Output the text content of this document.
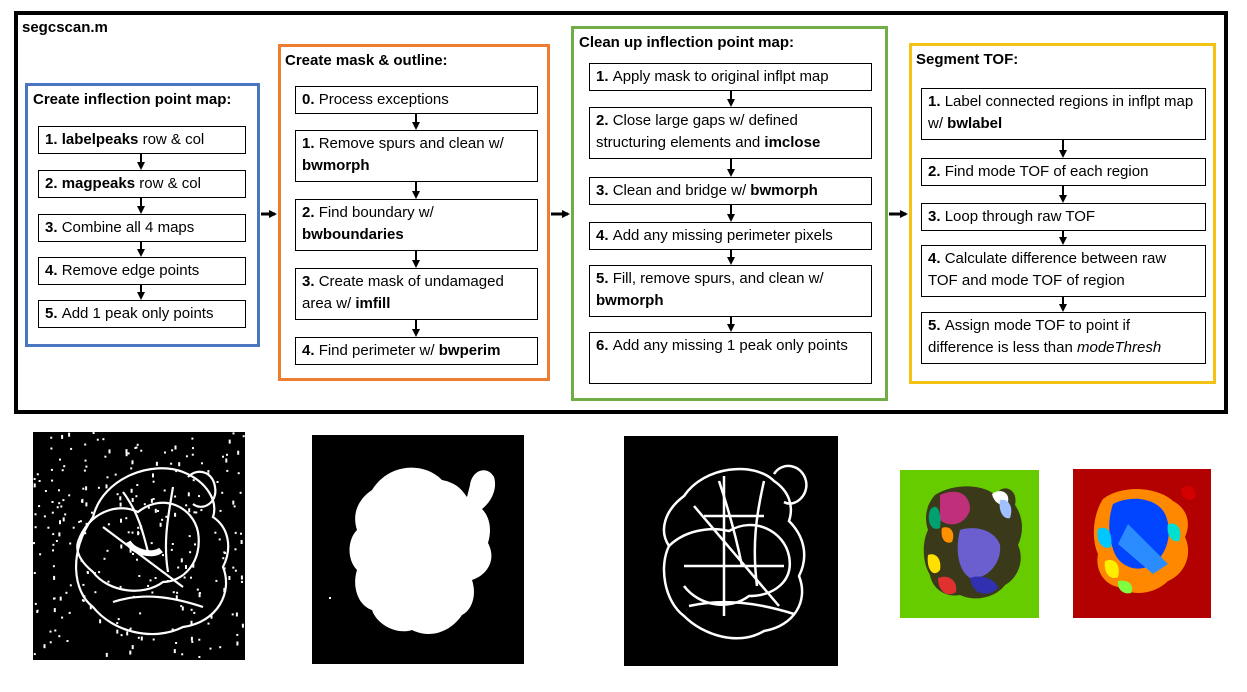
segcscan.m
Create inflection point map:
1. labelpeaks row & col
2. magpeaks row & col
3. Combine all 4 maps
4. Remove edge points
5. Add 1 peak only points
Create mask & outline:
0. Process exceptions
1. Remove spurs and clean w/ bwmorph
2. Find boundary w/ bwboundaries
3. Create mask of undamaged area w/ imfill
4. Find perimeter w/ bwperim
Clean up inflection point map:
1. Apply mask to original inflpt map
2. Close large gaps w/ defined structuring elements and imclose
3. Clean and bridge w/ bwmorph
4. Add any missing perimeter pixels
5. Fill, remove spurs, and clean w/ bwmorph
6. Add any missing 1 peak only points
Segment TOF:
1. Label connected regions in inflpt map w/ bwlabel
2. Find mode TOF of each region
3. Loop through raw TOF
4. Calculate difference between raw TOF and mode TOF of region
5. Assign mode TOF to point if difference is less than modeThresh
